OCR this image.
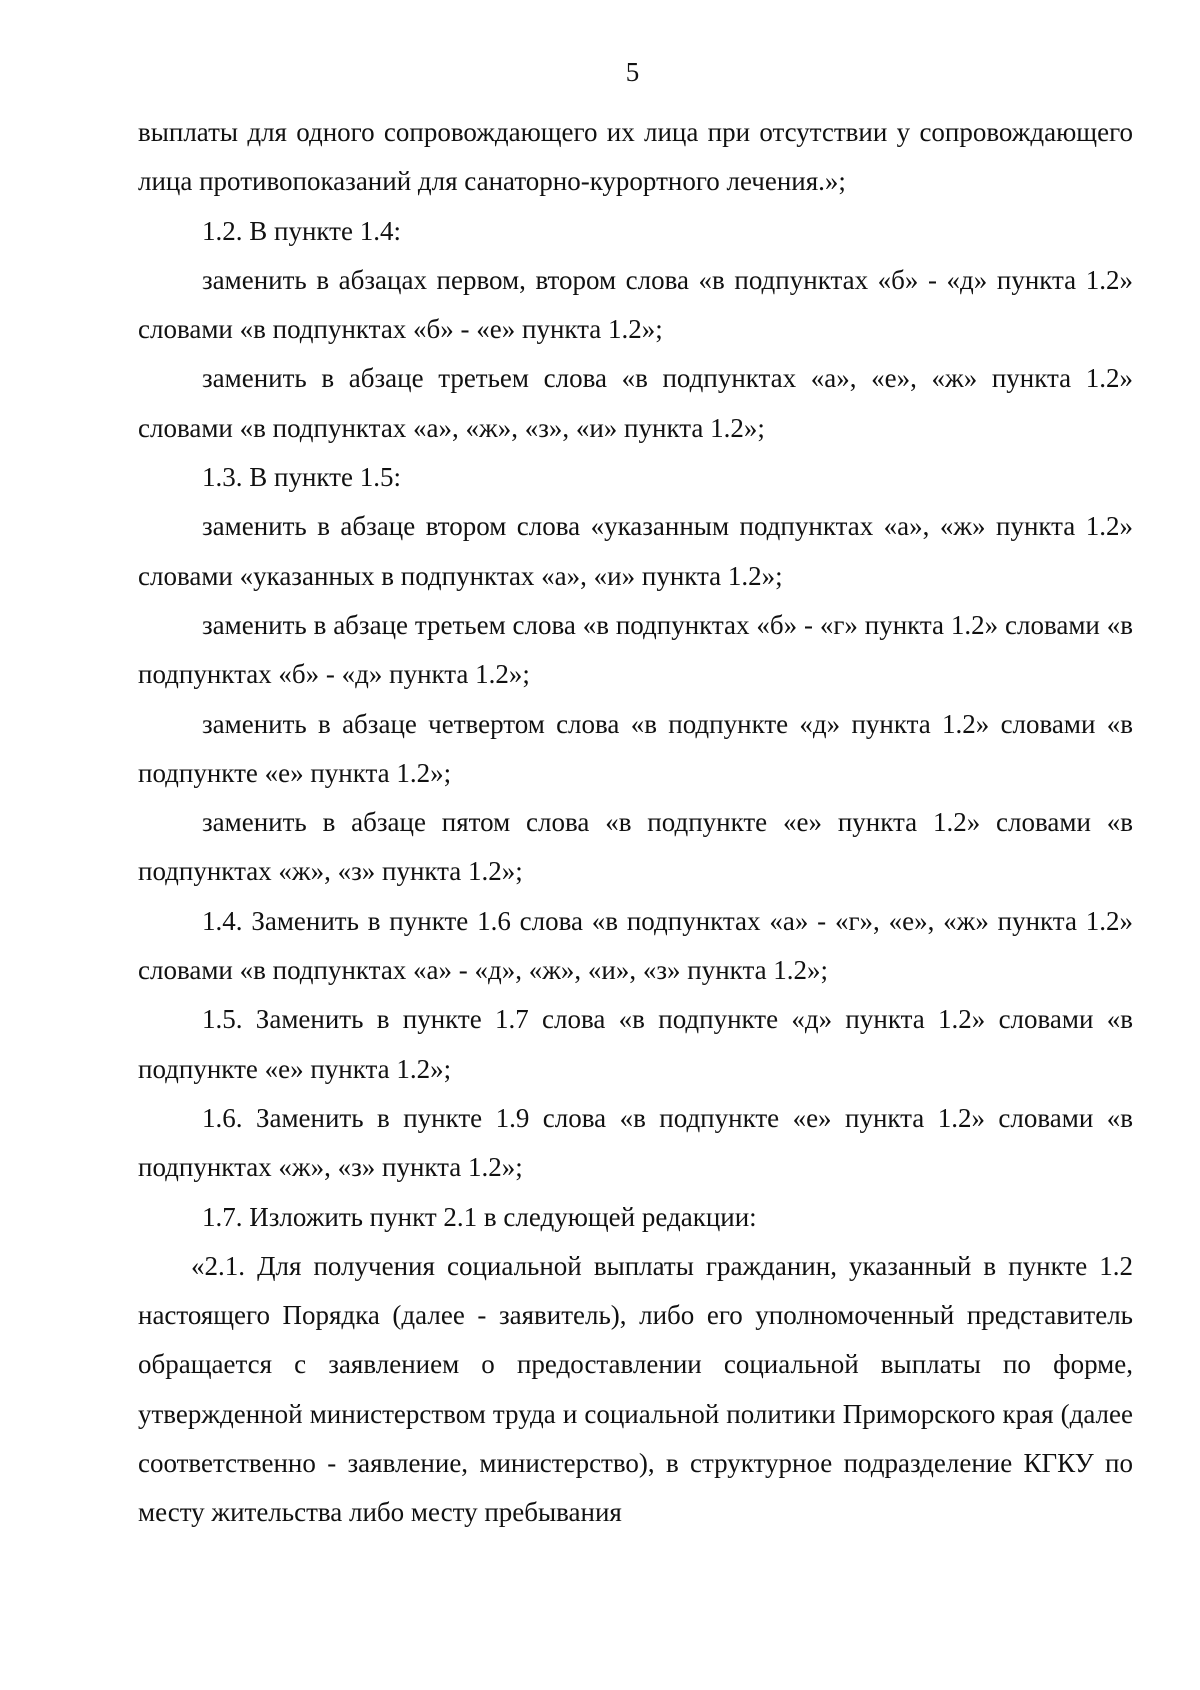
5

выплаты для одного сопровождающего их лица при отсутствии у сопровождающего лица противопоказаний для санаторно-курортного лечения.»;

1.2. В пункте 1.4:

заменить в абзацах первом, втором слова «в подпунктах «б» - «д» пункта 1.2» словами «в подпунктах «б» - «е» пункта 1.2»;

заменить в абзаце третьем слова «в подпунктах «а», «е», «ж» пункта 1.2» словами «в подпунктах «а», «ж», «з», «и» пункта 1.2»;

1.3. В пункте 1.5:

заменить в абзаце втором слова «указанным подпунктах «а», «ж» пункта 1.2» словами «указанных в подпунктах «а», «и» пункта 1.2»;

заменить в абзаце третьем слова «в подпунктах «б» - «г» пункта 1.2» словами «в подпунктах «б» - «д» пункта 1.2»;

заменить в абзаце четвертом слова «в подпункте «д» пункта 1.2» словами «в подпункте «е» пункта 1.2»;

заменить в абзаце пятом слова «в подпункте «е» пункта 1.2» словами «в подпунктах «ж», «з» пункта 1.2»;

1.4. Заменить в пункте 1.6 слова «в подпунктах «а» - «г», «е», «ж» пункта 1.2» словами «в подпунктах «а» - «д», «ж», «и», «з» пункта 1.2»;

1.5. Заменить в пункте 1.7 слова «в подпункте «д» пункта 1.2» словами «в подпункте «е» пункта 1.2»;

1.6. Заменить в пункте 1.9 слова «в подпункте «е» пункта 1.2» словами «в подпунктах «ж», «з» пункта 1.2»;

1.7. Изложить пункт 2.1 в следующей редакции:

«2.1. Для получения социальной выплаты гражданин, указанный в пункте 1.2 настоящего Порядка (далее - заявитель), либо его уполномоченный представитель обращается с заявлением о предоставлении социальной выплаты по форме, утвержденной министерством труда и социальной политики Приморского края (далее соответственно - заявление, министерство), в структурное подразделение КГКУ по месту жительства либо месту пребывания
